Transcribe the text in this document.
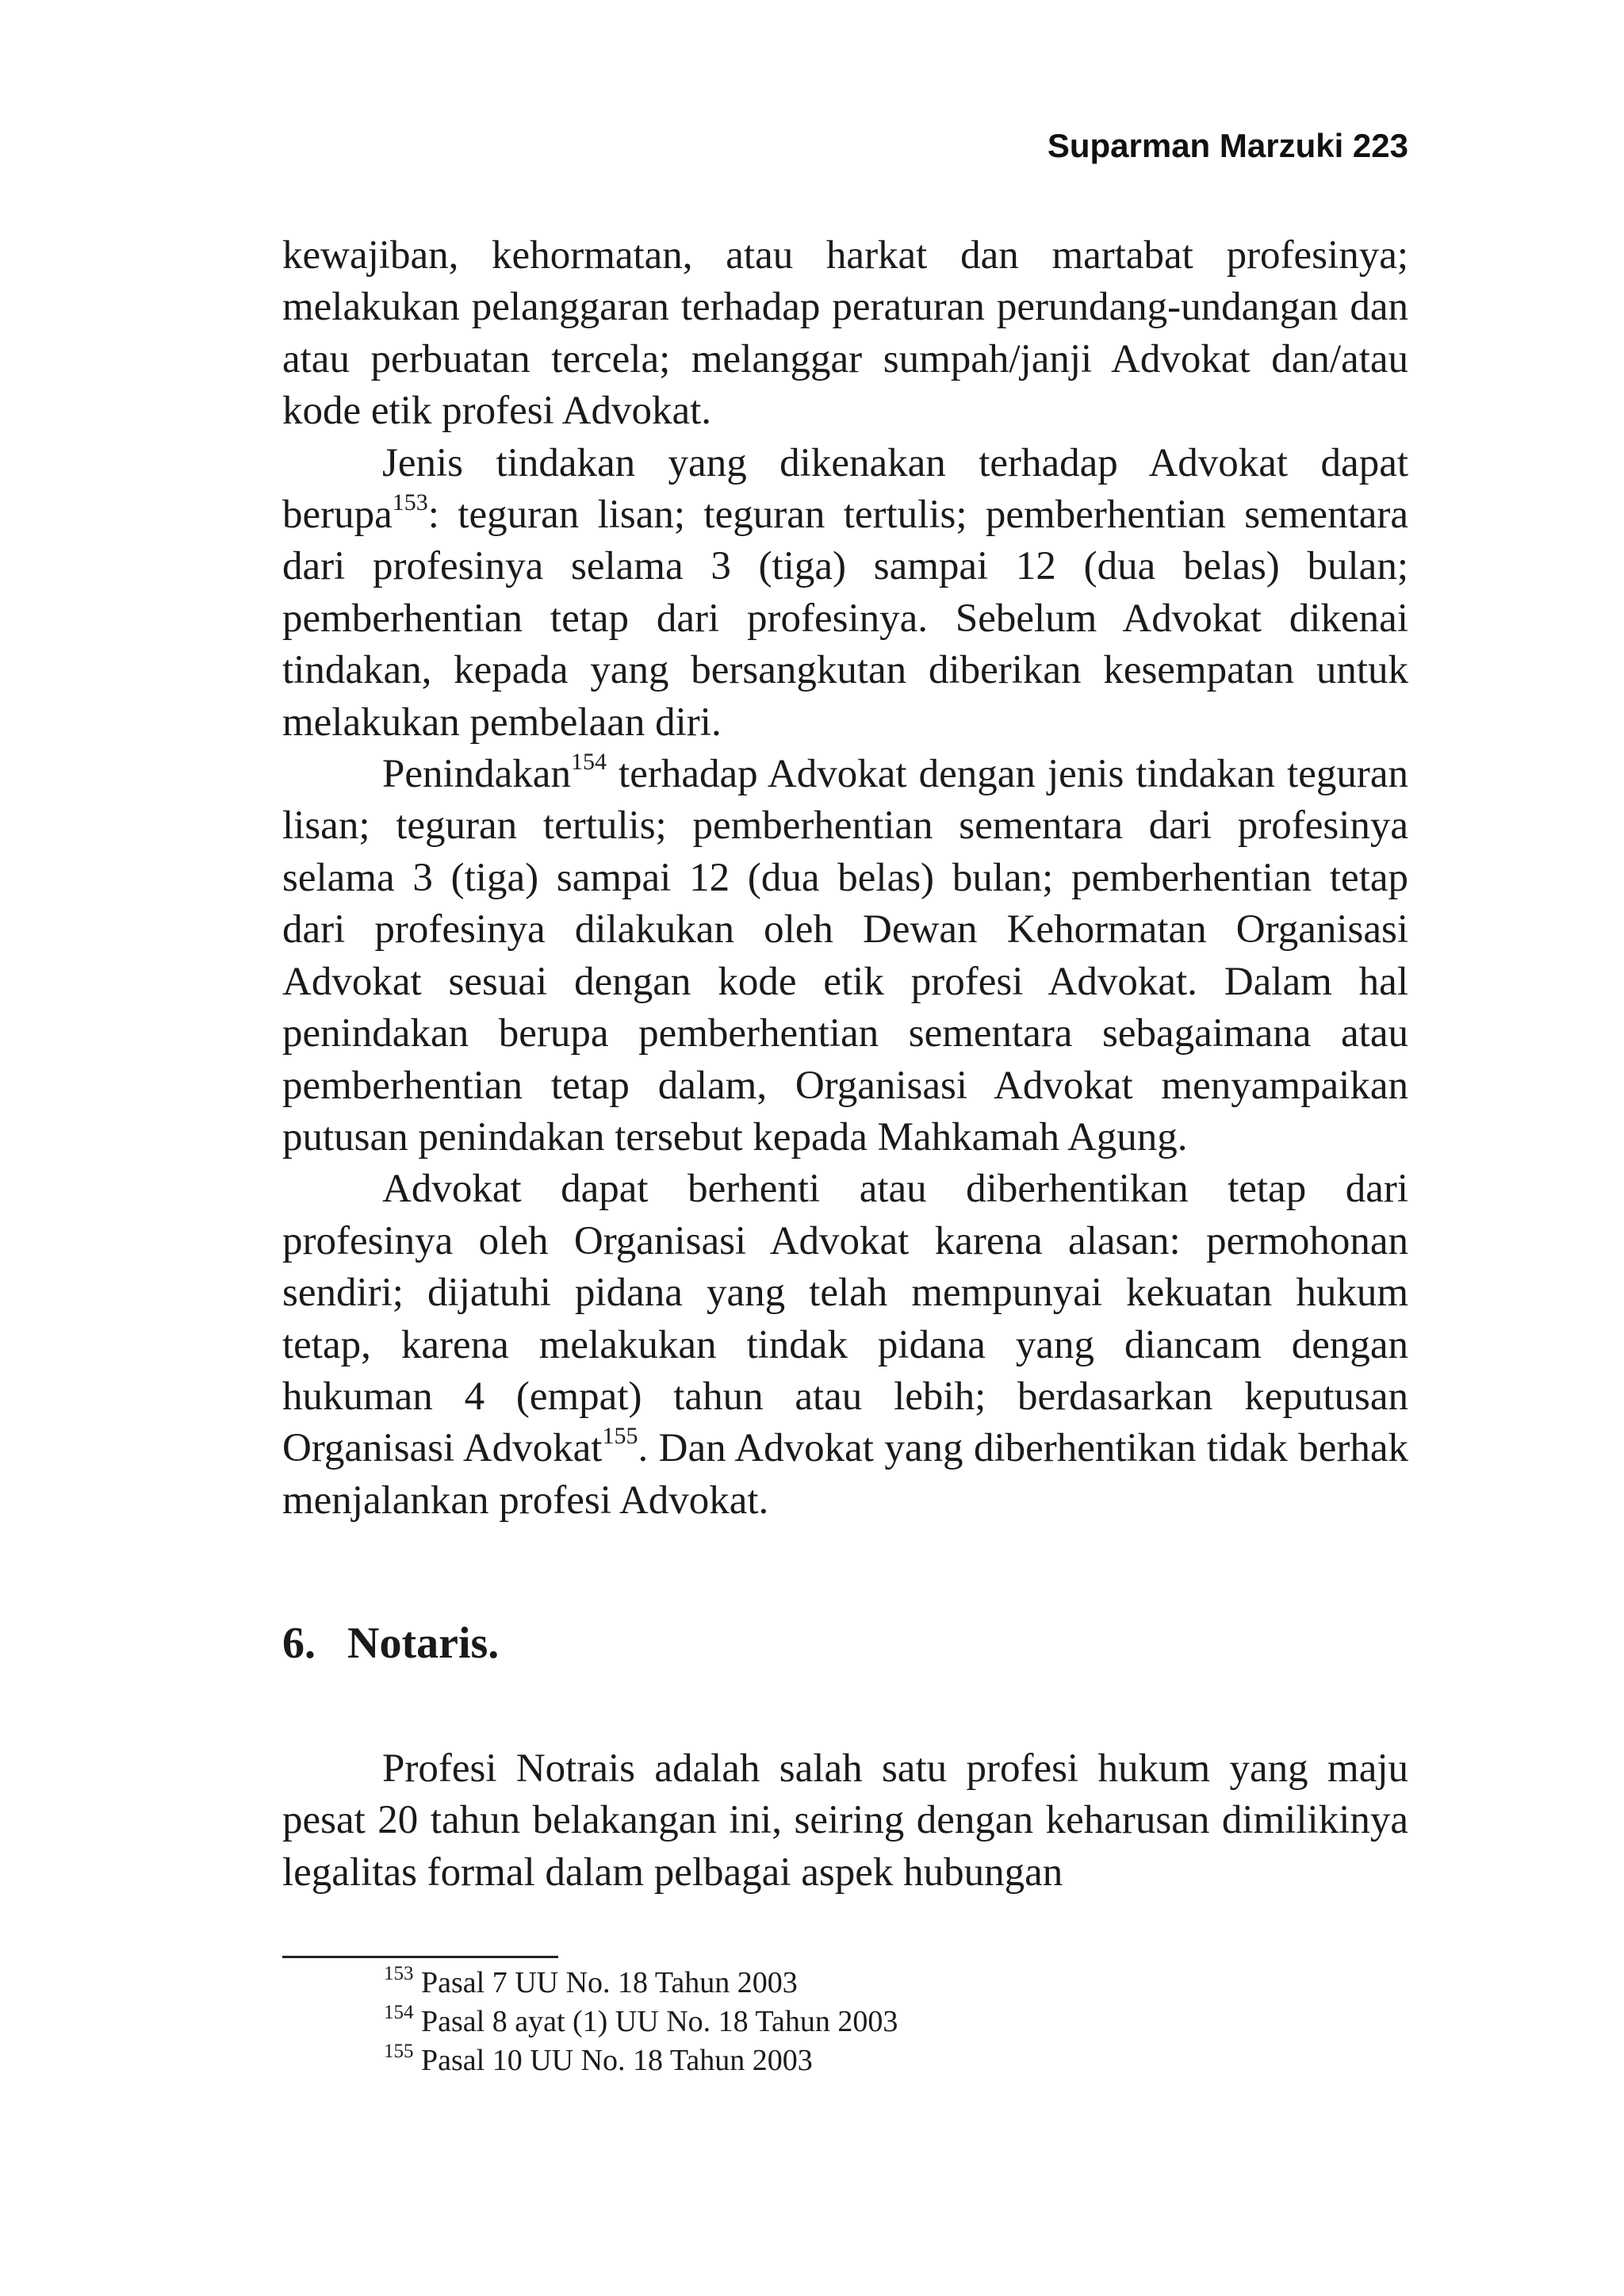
Suparman Marzuki 223

kewajiban, kehormatan, atau harkat dan martabat profesinya; melakukan pelanggaran terhadap peraturan perundang-undangan dan atau perbuatan tercela; melanggar sumpah/janji Advokat dan/atau kode etik profesi Advokat.

Jenis tindakan yang dikenakan terhadap Advokat dapat berupa$^{153}$: teguran lisan; teguran tertulis; pemberhentian sementara dari profesinya selama 3 (tiga) sampai 12 (dua belas) bulan; pemberhentian tetap dari profesinya. Sebelum Advokat dikenai tindakan, kepada yang bersangkutan diberikan kesempatan untuk melakukan pembelaan diri.

Penindakan$^{154}$ terhadap Advokat dengan jenis tindakan teguran lisan; teguran tertulis; pemberhentian sementara dari profesinya selama 3 (tiga) sampai 12 (dua belas) bulan; pemberhentian tetap dari profesinya dilakukan oleh Dewan Kehormatan Organisasi Advokat sesuai dengan kode etik profesi Advokat. Dalam hal penindakan berupa pemberhentian sementara sebagaimana atau pemberhentian tetap dalam, Organisasi Advokat menyampaikan putusan penindakan tersebut kepada Mahkamah Agung.

Advokat dapat berhenti atau diberhentikan tetap dari profesinya oleh Organisasi Advokat karena alasan: permohonan sendiri; dijatuhi pidana yang telah mempunyai kekuatan hukum tetap, karena melakukan tindak pidana yang diancam dengan hukuman 4 (empat) tahun atau lebih; berdasarkan keputusan Organisasi Advokat$^{155}$. Dan Advokat yang diberhentikan tidak berhak menjalankan profesi Advokat.

6. Notaris.

Profesi Notrais adalah salah satu profesi hukum yang maju pesat 20 tahun belakangan ini, seiring dengan keharusan dimilikinya legalitas formal dalam pelbagai aspek hubungan

$^{153}$ Pasal 7 UU No. 18 Tahun 2003
$^{154}$ Pasal 8 ayat (1) UU No. 18 Tahun 2003
$^{155}$ Pasal 10 UU No. 18 Tahun 2003
